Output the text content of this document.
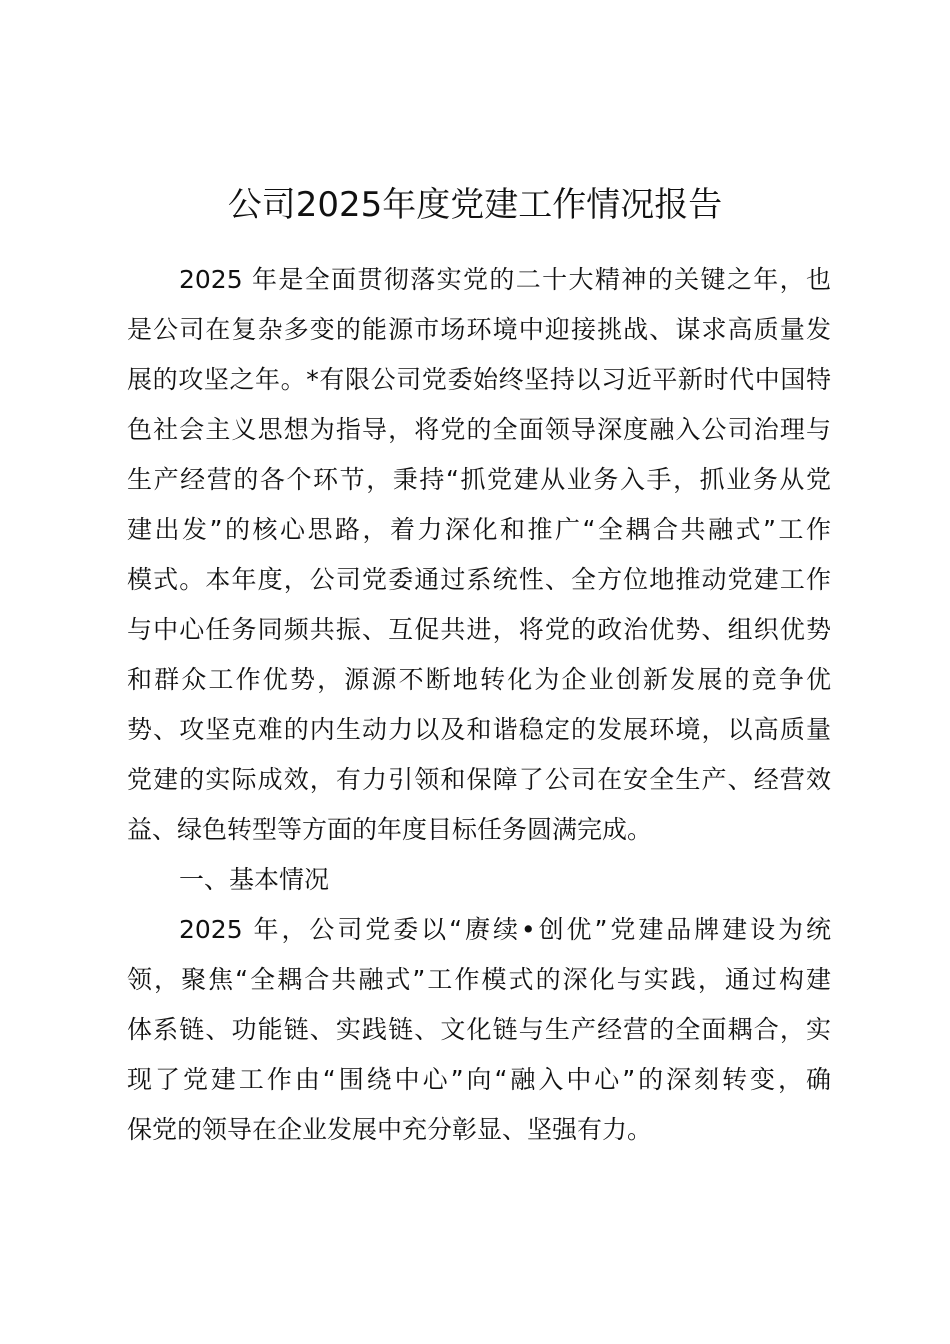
公司2025年度党建工作情况报告
2025 年是全面贯彻落实党的二十大精神的关键之年，也
是公司在复杂多变的能源市场环境中迎接挑战、谋求高质量发
展的攻坚之年。*有限公司党委始终坚持以习近平新时代中国特
色社会主义思想为指导，将党的全面领导深度融入公司治理与
生产经营的各个环节，秉持“抓党建从业务入手，抓业务从党
建出发”的核心思路，着力深化和推广“全耦合共融式”工作
模式。本年度，公司党委通过系统性、全方位地推动党建工作
与中心任务同频共振、互促共进，将党的政治优势、组织优势
和群众工作优势，源源不断地转化为企业创新发展的竞争优
势、攻坚克难的内生动力以及和谐稳定的发展环境，以高质量
党建的实际成效，有力引领和保障了公司在安全生产、经营效
益、绿色转型等方面的年度目标任务圆满完成。
一、基本情况
2025 年，公司党委以“赓续•创优”党建品牌建设为统
领，聚焦“全耦合共融式”工作模式的深化与实践，通过构建
体系链、功能链、实践链、文化链与生产经营的全面耦合，实
现了党建工作由“围绕中心”向“融入中心”的深刻转变，确
保党的领导在企业发展中充分彰显、坚强有力。
